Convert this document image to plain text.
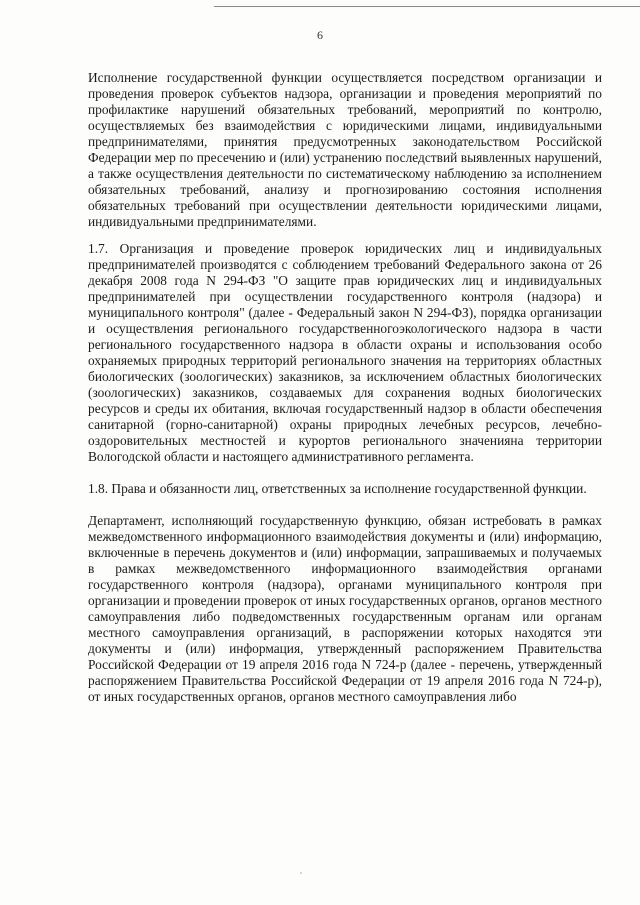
6

Исполнение государственной функции осуществляется посредством организации и проведения проверок субъектов надзора, организации и проведения мероприятий по профилактике нарушений обязательных требований, мероприятий по контролю, осуществляемых без взаимодействия с юридическими лицами, индивидуальными предпринимателями, принятия предусмотренных законодательством Российской Федерации мер по пресечению и (или) устранению последствий выявленных нарушений, а также осуществления деятельности по систематическому наблюдению за исполнением обязательных требований, анализу и прогнозированию состояния исполнения обязательных требований при осуществлении деятельности юридическими лицами, индивидуальными предпринимателями.

1.7. Организация и проведение проверок юридических лиц и индивидуальных предпринимателей производятся с соблюдением требований Федерального закона от 26 декабря 2008 года N 294-ФЗ "О защите прав юридических лиц и индивидуальных предпринимателей при осуществлении государственного контроля (надзора) и муниципального контроля" (далее - Федеральный закон N 294-ФЗ), порядка организации и осуществления регионального государственногоэкологического надзора в части регионального государственного надзора в области охраны и использования особо охраняемых природных территорий регионального значения на территориях областных биологических (зоологических) заказников, за исключением областных биологических (зоологических) заказников, создаваемых для сохранения водных биологических ресурсов и среды их обитания, включая государственный надзор в области обеспечения санитарной (горно-санитарной) охраны природных лечебных ресурсов, лечебно-оздоровительных местностей и курортов регионального значенияна территории Вологодской области и настоящего административного регламента.

1.8. Права и обязанности лиц, ответственных за исполнение государственной функции.

Департамент, исполняющий государственную функцию, обязан истребовать в рамках межведомственного информационного взаимодействия документы и (или) информацию, включенные в перечень документов и (или) информации, запрашиваемых и получаемых в рамках межведомственного информационного взаимодействия органами государственного контроля (надзора), органами муниципального контроля при организации и проведении проверок от иных государственных органов, органов местного самоуправления либо подведомственных государственным органам или органам местного самоуправления организаций, в распоряжении которых находятся эти документы и (или) информация, утвержденный распоряжением Правительства Российской Федерации от 19 апреля 2016 года N 724-р (далее - перечень, утвержденный распоряжением Правительства Российской Федерации от 19 апреля 2016 года N 724-р), от иных государственных органов, органов местного самоуправления либо
